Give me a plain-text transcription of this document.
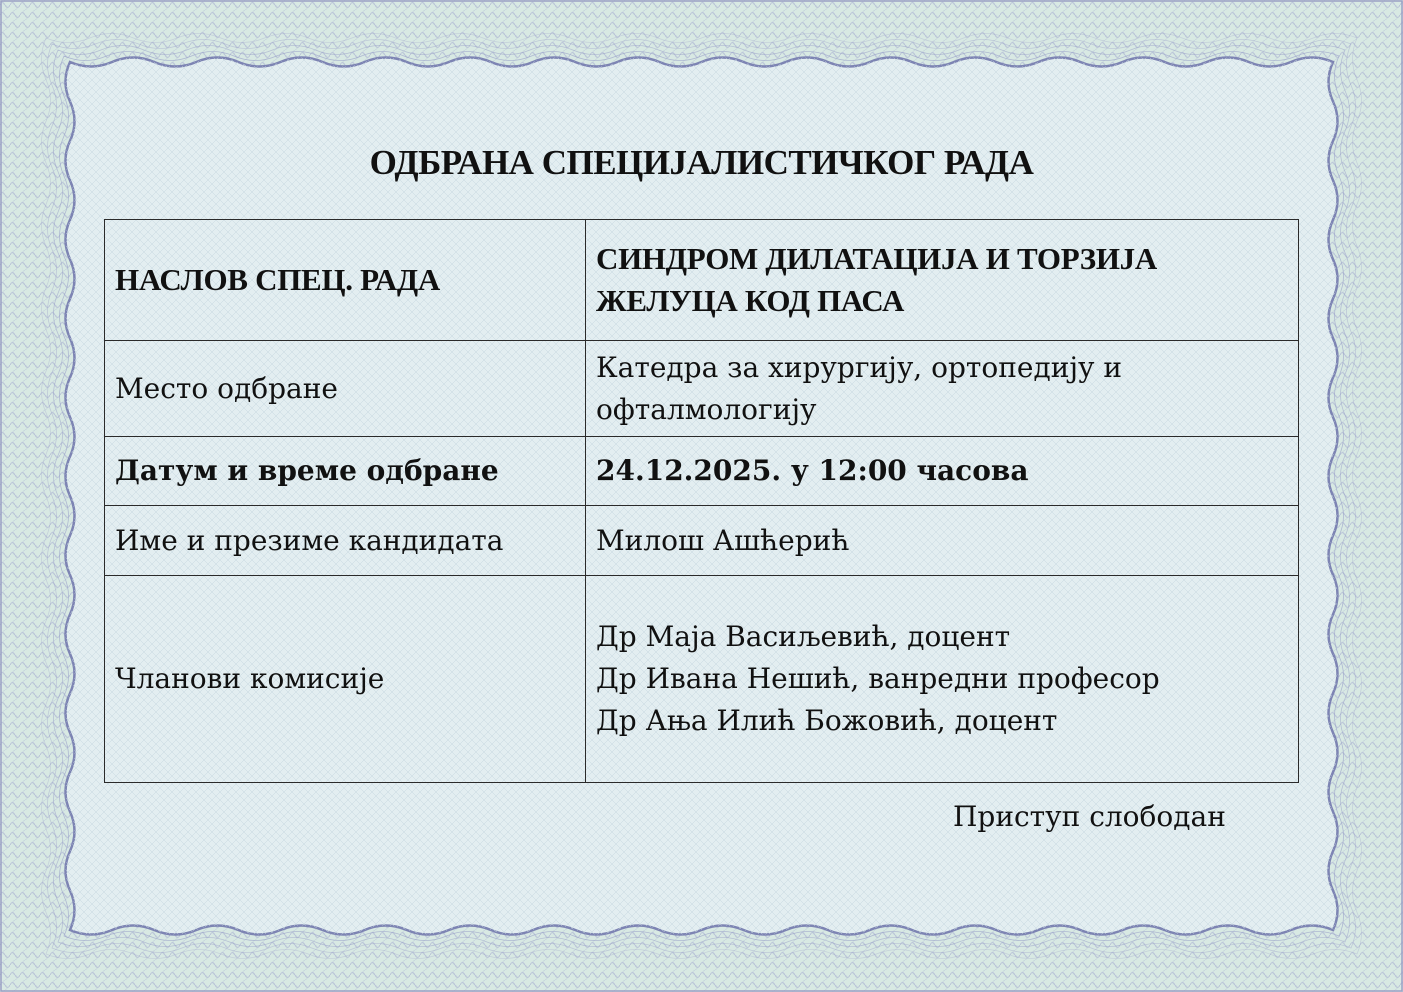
ОДБРАНА СПЕЦИЈАЛИСТИЧКОГ РАДА
НАСЛОВ СПЕЦ. РАДА	СИНДРОМ ДИЛАТАЦИЈА И ТОРЗИЈА ЖЕЛУЦА КОД ПАСА
Место одбране	Катедра за хирургију, ортопедију и офталмологију
Датум и време одбране	24.12.2025. у 12:00 часова
Име и презиме кандидата	Милош Ашћерић
Чланови комисије	Др Маја Васиљевић, доцент
Др Ивана Нешић, ванредни професор
Др Ања Илић Божовић, доцент
Приступ слободан
